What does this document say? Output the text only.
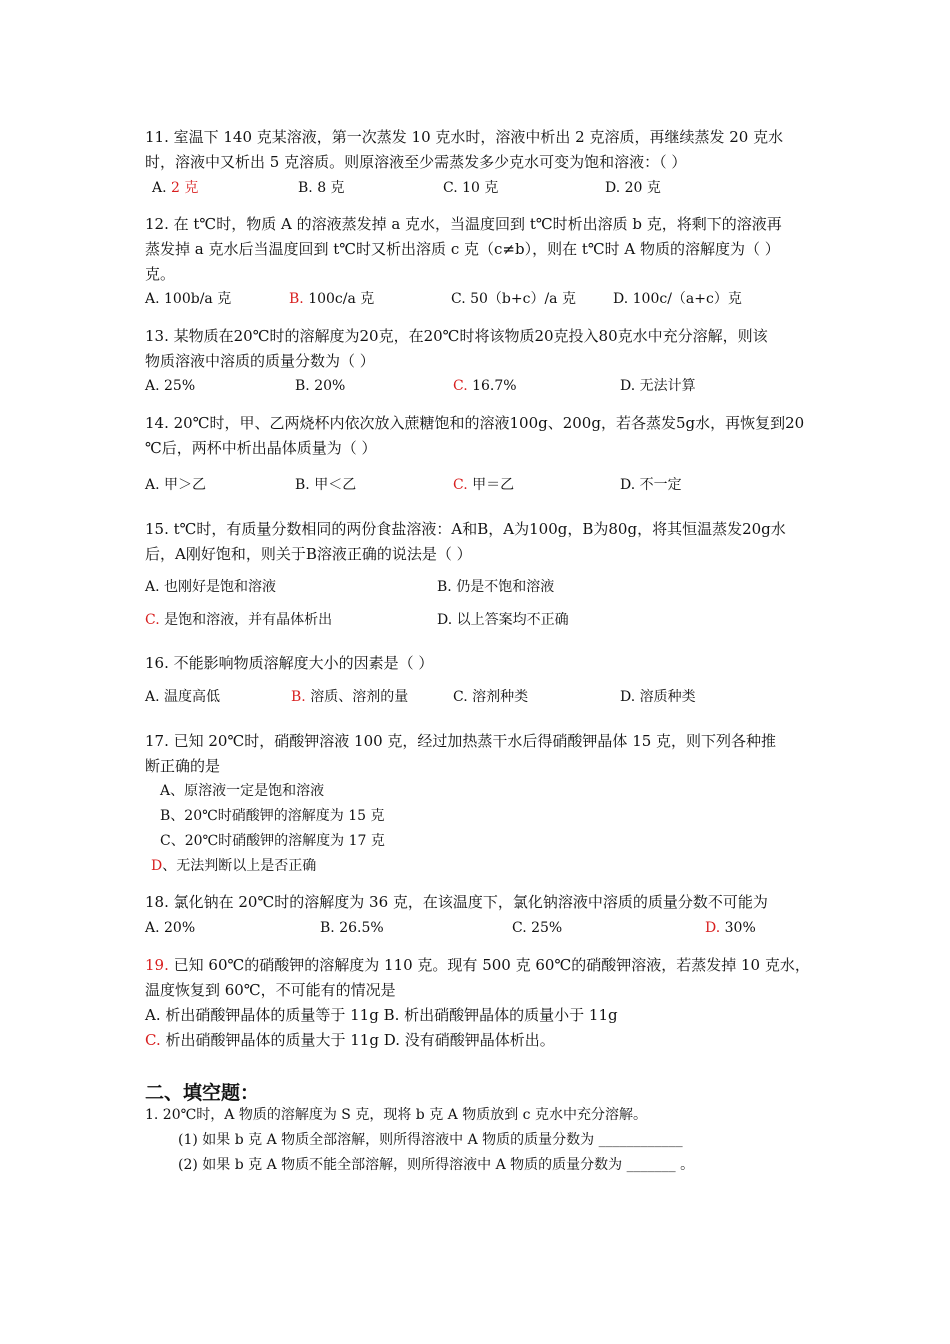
11. 室温下 140 克某溶液，第一次蒸发 10 克水时，溶液中析出 2 克溶质，再继续蒸发 20 克水
时，溶液中又析出 5 克溶质。则原溶液至少需蒸发多少克水可变为饱和溶液：（ ）
A. 2 克	B. 8 克	C. 10 克	D. 20 克
12. 在 t℃时，物质 A 的溶液蒸发掉 a 克水，当温度回到 t℃时析出溶质 b 克，将剩下的溶液再
蒸发掉 a 克水后当温度回到 t℃时又析出溶质 c 克（c≠b），则在 t℃时 A 物质的溶解度为（ ）
克。
A. 100b/a 克	B. 100c/a 克	C. 50（b+c）/a 克	D. 100c/（a+c）克
13. 某物质在20℃时的溶解度为20克，在20℃时将该物质20克投入80克水中充分溶解，则该
物质溶液中溶质的质量分数为（ ）
A. 25%	B. 20%	C. 16.7%	D. 无法计算
14. 20℃时，甲、乙两烧杯内依次放入蔗糖饱和的溶液100g、200g，若各蒸发5g水，再恢复到20
℃后，两杯中析出晶体质量为（ ）
A. 甲＞乙	B. 甲＜乙	C. 甲＝乙	D. 不一定
15. t℃时，有质量分数相同的两份食盐溶液：A和B，A为100g，B为80g，将其恒温蒸发20g水
后，A刚好饱和，则关于B溶液正确的说法是（ ）
A. 也刚好是饱和溶液	B. 仍是不饱和溶液
C. 是饱和溶液，并有晶体析出	D. 以上答案均不正确
16. 不能影响物质溶解度大小的因素是（ ）
A. 温度高低	B. 溶质、溶剂的量	C. 溶剂种类	D. 溶质种类
17. 已知 20℃时，硝酸钾溶液 100 克，经过加热蒸干水后得硝酸钾晶体 15 克，则下列各种推
断正确的是
A、原溶液一定是饱和溶液
B、20℃时硝酸钾的溶解度为 15 克
C、20℃时硝酸钾的溶解度为 17 克
D、无法判断以上是否正确
18. 氯化钠在 20℃时的溶解度为 36 克，在该温度下，氯化钠溶液中溶质的质量分数不可能为
A. 20%	B. 26.5%	C. 25%	D. 30%
19. 已知 60℃的硝酸钾的溶解度为 110 克。现有 500 克 60℃的硝酸钾溶液，若蒸发掉 10 克水，
温度恢复到 60℃，不可能有的情况是
A. 析出硝酸钾晶体的质量等于 11g B. 析出硝酸钾晶体的质量小于 11g
C. 析出硝酸钾晶体的质量大于 11g D. 没有硝酸钾晶体析出。
二、填空题：
1. 20℃时，A 物质的溶解度为 S 克，现将 b 克 A 物质放到 c 克水中充分溶解。
(1) 如果 b 克 A 物质全部溶解，则所得溶液中 A 物质的质量分数为 ____________
(2) 如果 b 克 A 物质不能全部溶解，则所得溶液中 A 物质的质量分数为 _______ 。
